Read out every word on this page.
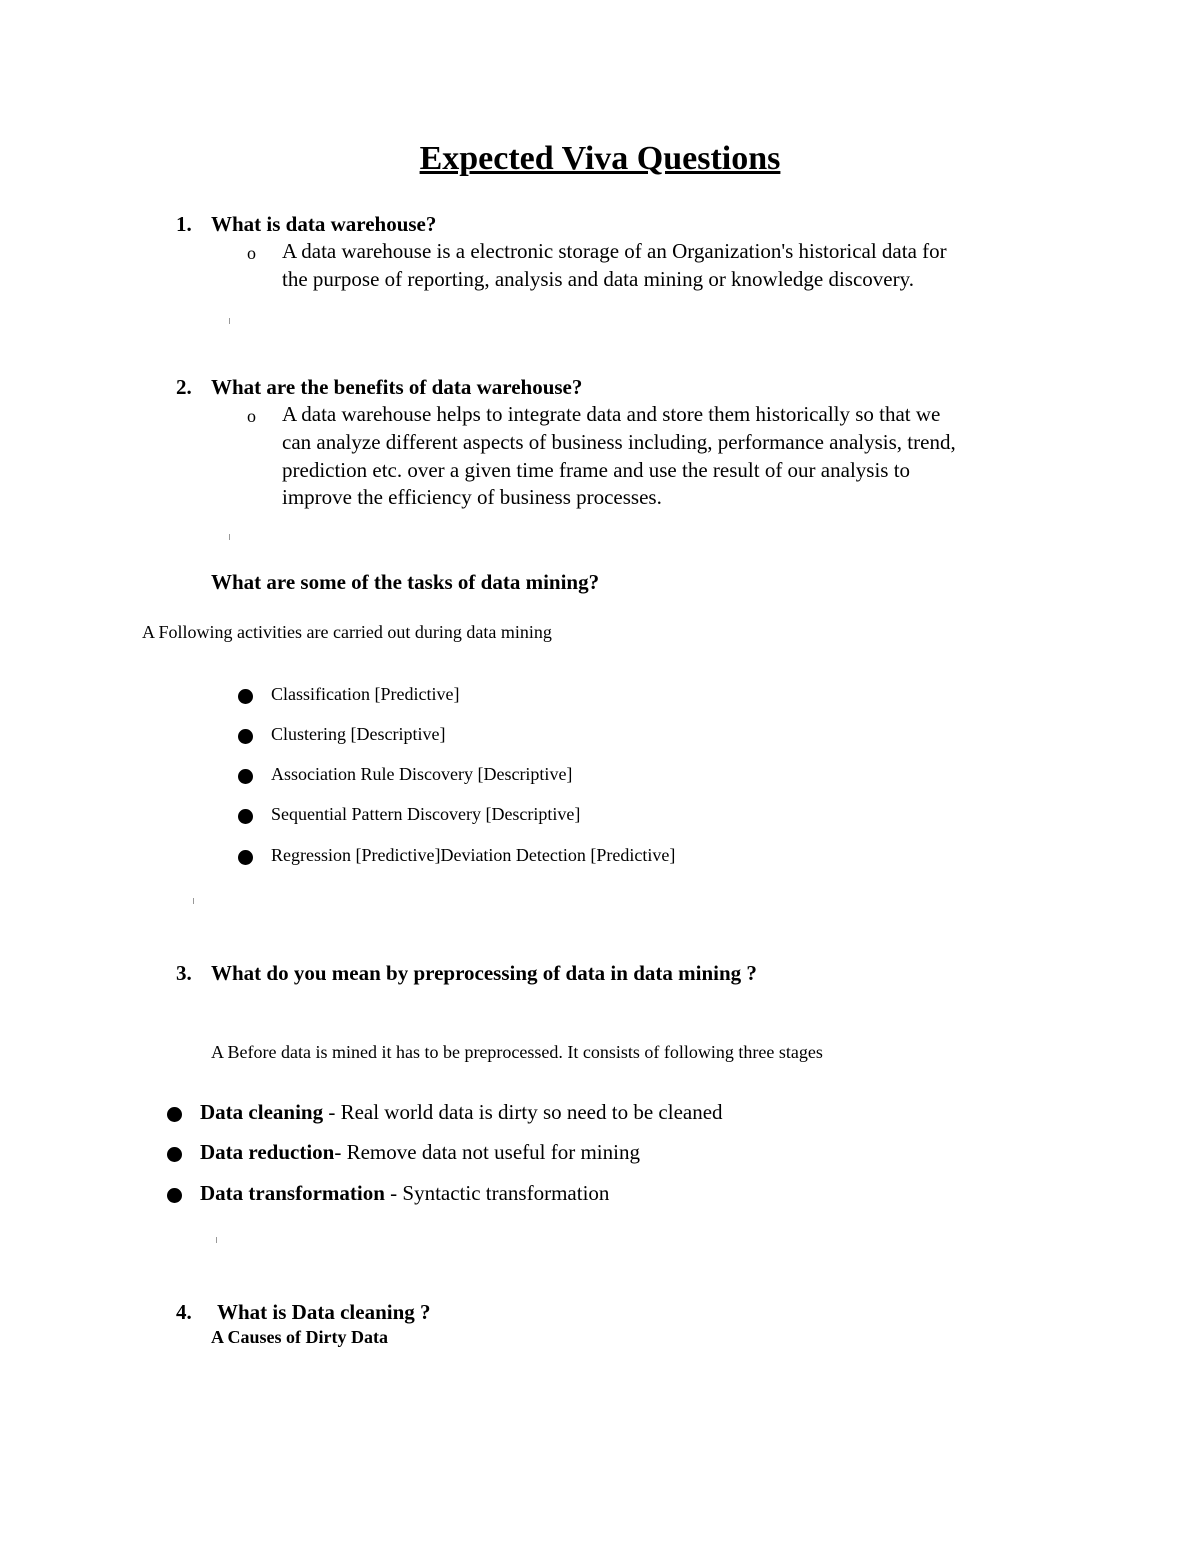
Expected Viva Questions
1. What is data warehouse?
o A data warehouse is a electronic storage of an Organization's historical data for
the purpose of reporting, analysis and data mining or knowledge discovery.
2. What are the benefits of data warehouse?
o A data warehouse helps to integrate data and store them historically so that we
can analyze different aspects of business including, performance analysis, trend,
prediction etc. over a given time frame and use the result of our analysis to
improve the efficiency of business processes.
What are some of the tasks of data mining?
A Following activities are carried out during data mining
Classification [Predictive]
Clustering [Descriptive]
Association Rule Discovery [Descriptive]
Sequential Pattern Discovery [Descriptive]
Regression [Predictive]Deviation Detection [Predictive]
3. What do you mean by preprocessing of data in data mining ?
A Before data is mined it has to be preprocessed. It consists of following three stages
Data cleaning - Real world data is dirty so need to be cleaned
Data reduction- Remove data not useful for mining
Data transformation - Syntactic transformation
4. What is Data cleaning ?
A Causes of Dirty Data
